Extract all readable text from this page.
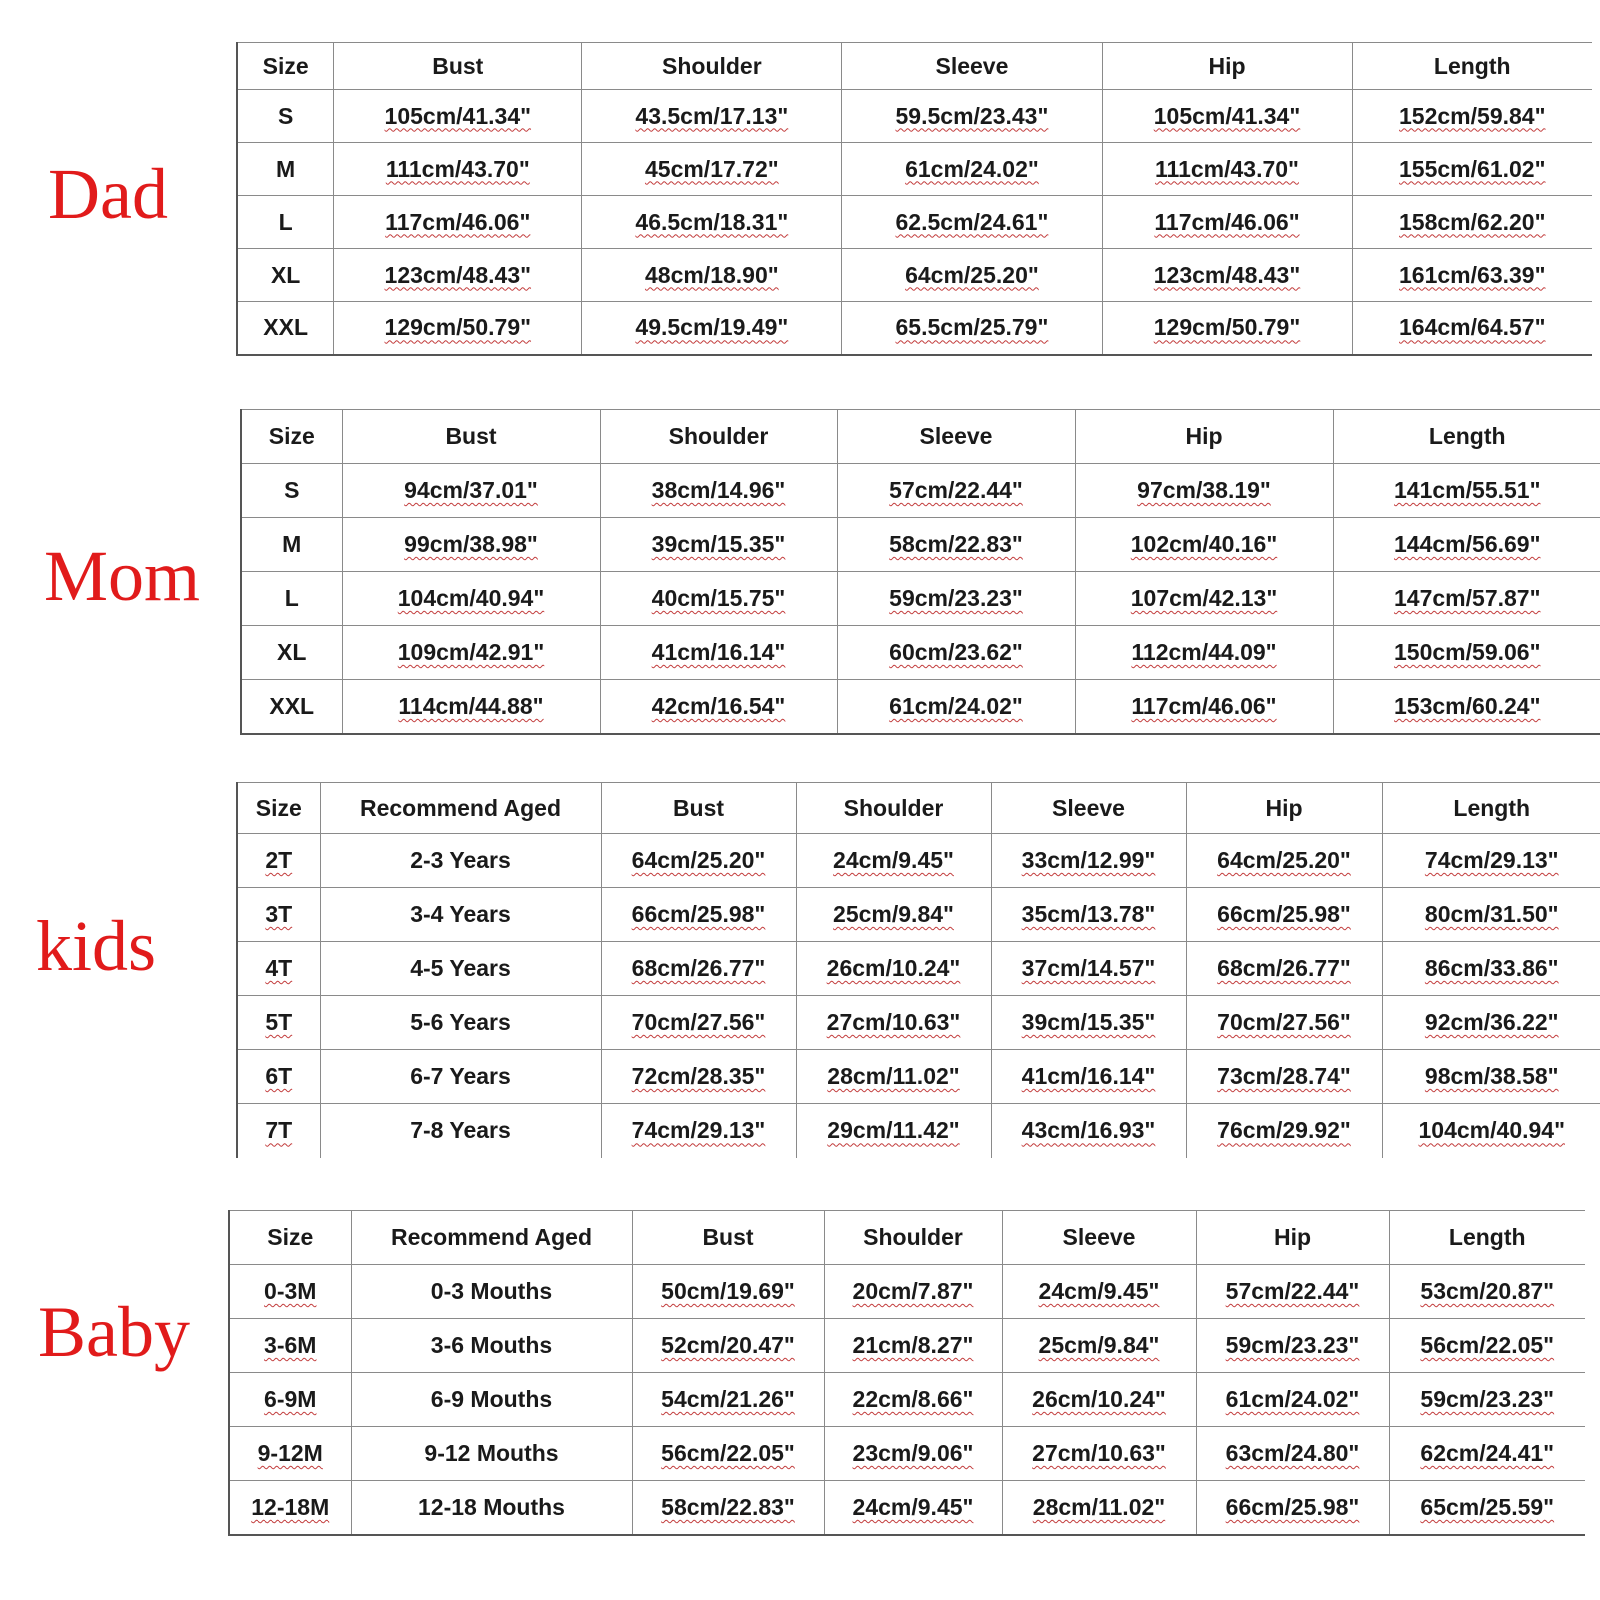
Dad
Mom
kids
Baby
Size	Bust	Shoulder	Sleeve	Hip	Length
S	105cm/41.34"	43.5cm/17.13"	59.5cm/23.43"	105cm/41.34"	152cm/59.84"
M	111cm/43.70"	45cm/17.72"	61cm/24.02"	111cm/43.70"	155cm/61.02"
L	117cm/46.06"	46.5cm/18.31"	62.5cm/24.61"	117cm/46.06"	158cm/62.20"
XL	123cm/48.43"	48cm/18.90"	64cm/25.20"	123cm/48.43"	161cm/63.39"
XXL	129cm/50.79"	49.5cm/19.49"	65.5cm/25.79"	129cm/50.79"	164cm/64.57"
Size	Bust	Shoulder	Sleeve	Hip	Length
S	94cm/37.01"	38cm/14.96"	57cm/22.44"	97cm/38.19"	141cm/55.51"
M	99cm/38.98"	39cm/15.35"	58cm/22.83"	102cm/40.16"	144cm/56.69"
L	104cm/40.94"	40cm/15.75"	59cm/23.23"	107cm/42.13"	147cm/57.87"
XL	109cm/42.91"	41cm/16.14"	60cm/23.62"	112cm/44.09"	150cm/59.06"
XXL	114cm/44.88"	42cm/16.54"	61cm/24.02"	117cm/46.06"	153cm/60.24"
Size	Recommend Aged	Bust	Shoulder	Sleeve	Hip	Length
2T	2-3 Years	64cm/25.20"	24cm/9.45"	33cm/12.99"	64cm/25.20"	74cm/29.13"
3T	3-4 Years	66cm/25.98"	25cm/9.84"	35cm/13.78"	66cm/25.98"	80cm/31.50"
4T	4-5 Years	68cm/26.77"	26cm/10.24"	37cm/14.57"	68cm/26.77"	86cm/33.86"
5T	5-6 Years	70cm/27.56"	27cm/10.63"	39cm/15.35"	70cm/27.56"	92cm/36.22"
6T	6-7 Years	72cm/28.35"	28cm/11.02"	41cm/16.14"	73cm/28.74"	98cm/38.58"
7T	7-8 Years	74cm/29.13"	29cm/11.42"	43cm/16.93"	76cm/29.92"	104cm/40.94"
Size	Recommend Aged	Bust	Shoulder	Sleeve	Hip	Length
0-3M	0-3 Mouths	50cm/19.69"	20cm/7.87"	24cm/9.45"	57cm/22.44"	53cm/20.87"
3-6M	3-6 Mouths	52cm/20.47"	21cm/8.27"	25cm/9.84"	59cm/23.23"	56cm/22.05"
6-9M	6-9 Mouths	54cm/21.26"	22cm/8.66"	26cm/10.24"	61cm/24.02"	59cm/23.23"
9-12M	9-12 Mouths	56cm/22.05"	23cm/9.06"	27cm/10.63"	63cm/24.80"	62cm/24.41"
12-18M	12-18 Mouths	58cm/22.83"	24cm/9.45"	28cm/11.02"	66cm/25.98"	65cm/25.59"
